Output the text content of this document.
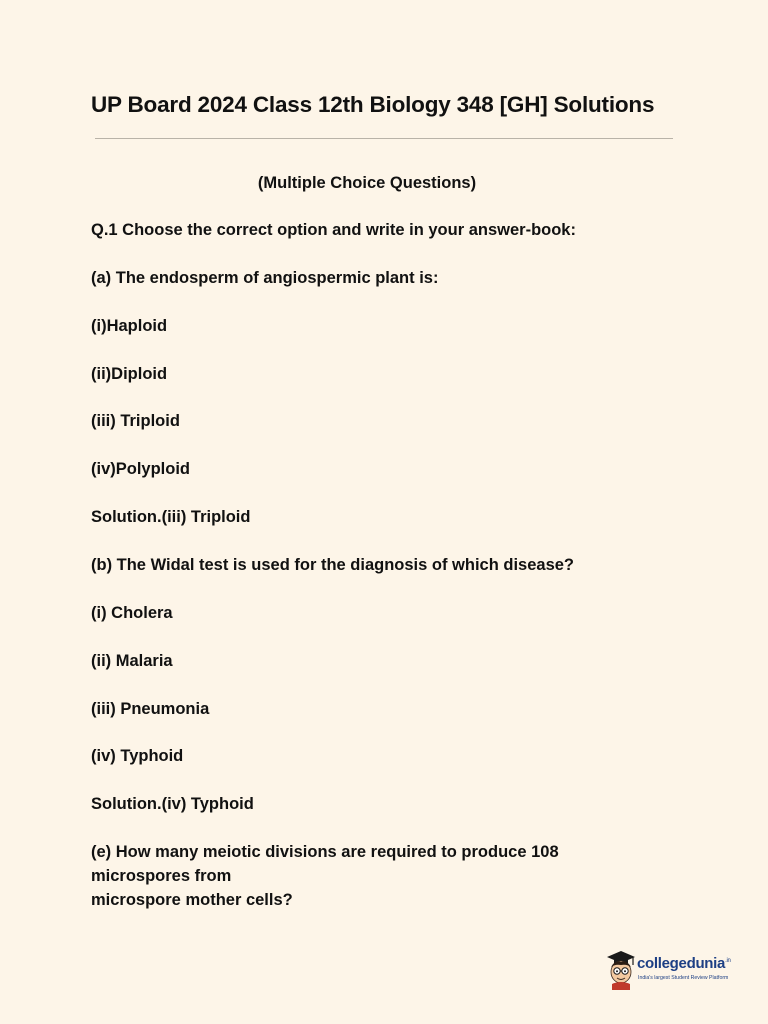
UP Board 2024 Class 12th Biology 348 [GH] Solutions
(Multiple Choice Questions)
Q.1 Choose the correct option and write in your answer-book:
(a) The endosperm of angiospermic plant is:
(i)Haploid
(ii)Diploid
(iii) Triploid
(iv)Polyploid
Solution.(iii) Triploid
(b) The Widal test is used for the diagnosis of which disease?
(i) Cholera
(ii) Malaria
(iii) Pneumonia
(iv) Typhoid
Solution.(iv) Typhoid
(e) How many meiotic divisions are required to produce 108
microspores from
microspore mother cells?
collegedunia$^{.in}$
India's largest Student Review Platform
